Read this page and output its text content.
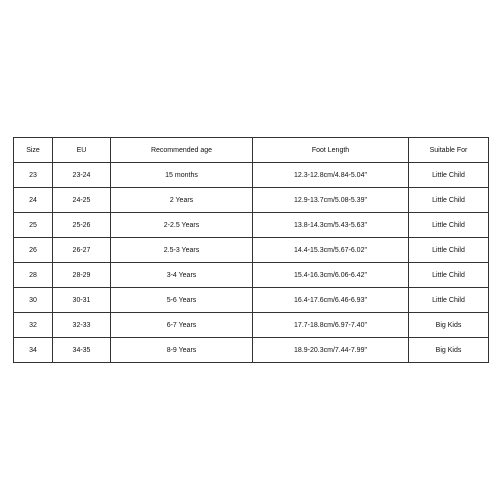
Size	EU	Recommended age	Foot Length	Suitable For
23	23-24	15 months	12.3-12.8cm/4.84-5.04"	Little Child
24	24-25	2 Years	12.9-13.7cm/5.08-5.39"	Little Child
25	25-26	2-2.5 Years	13.8-14.3cm/5.43-5.63"	Little Child
26	26-27	2.5-3 Years	14.4-15.3cm/5.67-6.02"	Little Child
28	28-29	3-4 Years	15.4-16.3cm/6.06-6.42"	Little Child
30	30-31	5-6 Years	16.4-17.6cm/6.46-6.93"	Little Child
32	32-33	6-7 Years	17.7-18.8cm/6.97-7.40"	Big Kids
34	34-35	8-9 Years	18.9-20.3cm/7.44-7.99"	Big Kids
